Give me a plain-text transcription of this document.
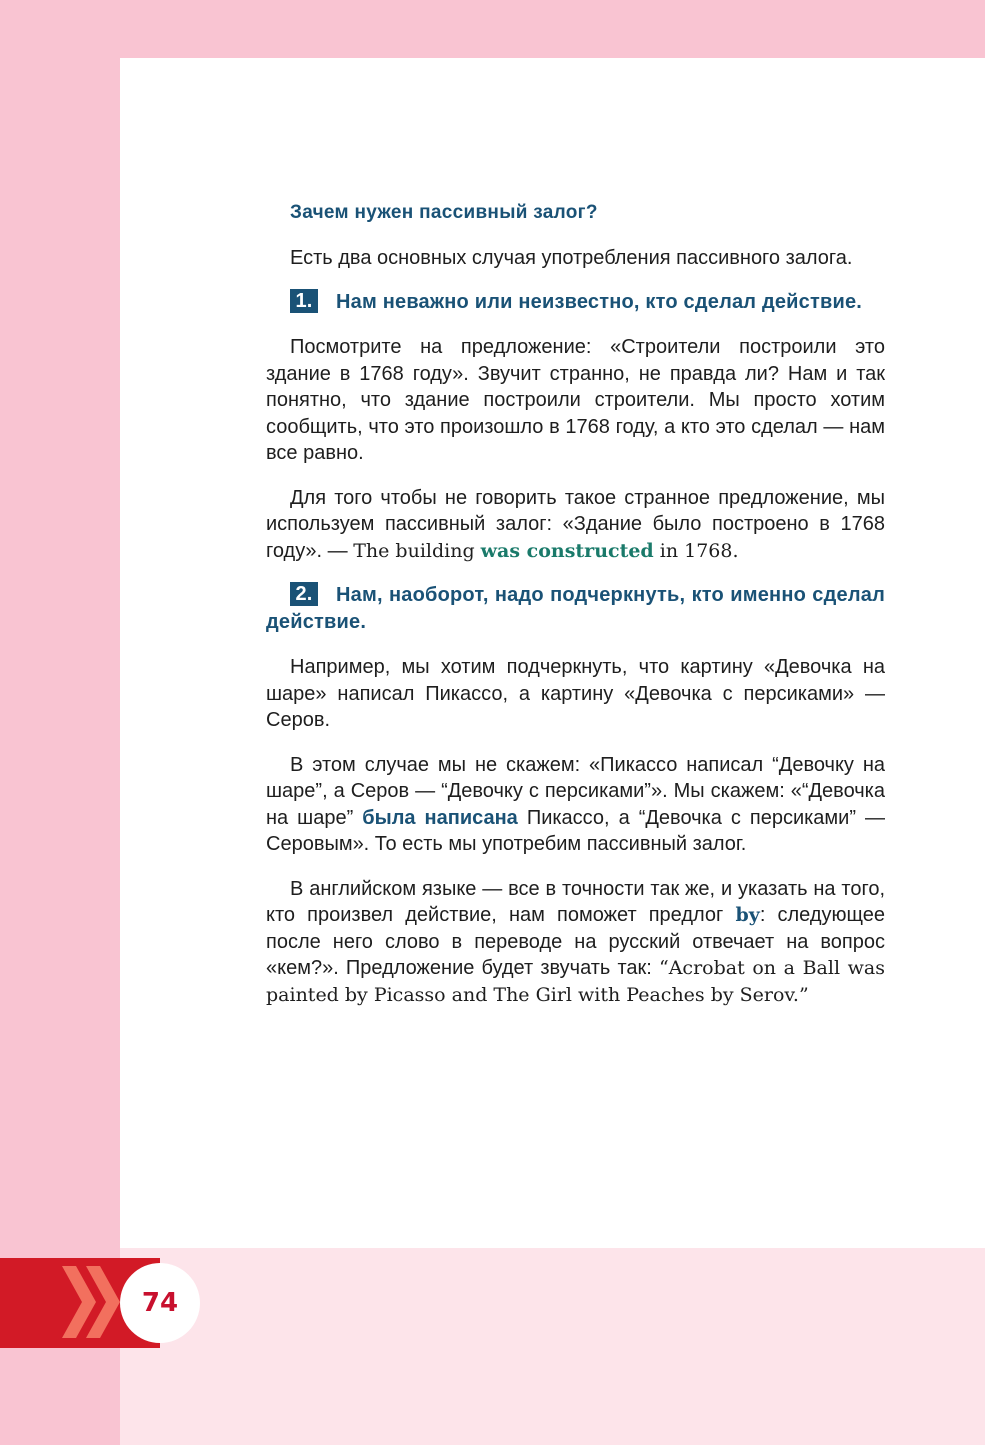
74
Зачем нужен пассивный залог?

Есть два основных случая употребления пассивного залога.

1. Нам неважно или неизвестно, кто сделал действие.

Посмотрите на предложение: «Строители построили это здание в 1768 году». Звучит странно, не правда ли? Нам и так понятно, что здание построили строители. Мы просто хотим сообщить, что это произошло в 1768 году, а кто это сделал — нам все равно.

Для того чтобы не говорить такое странное предложение, мы используем пассивный залог: «Здание было построено в 1768 году». — The building was constructed in 1768.

2. Нам, наоборот, надо подчеркнуть, кто именно сделал действие.

Например, мы хотим подчеркнуть, что картину «Девочка на шаре» написал Пикассо, а картину «Девочка с персиками» — Серов.

В этом случае мы не скажем: «Пикассо написал “Девочку на шаре”, а Серов — “Девочку с персиками”». Мы скажем: «“Девочка на шаре” была написана Пикассо, а “Девочка с персиками” — Серовым». То есть мы употребим пассивный залог.

В английском языке — все в точности так же, и указать на того, кто произвел действие, нам поможет предлог by: следующее после него слово в переводе на русский отвечает на вопрос «кем?». Предложение будет звучать так: “Acrobat on a Ball was painted by Picasso and The Girl with Peaches by Serov.”
